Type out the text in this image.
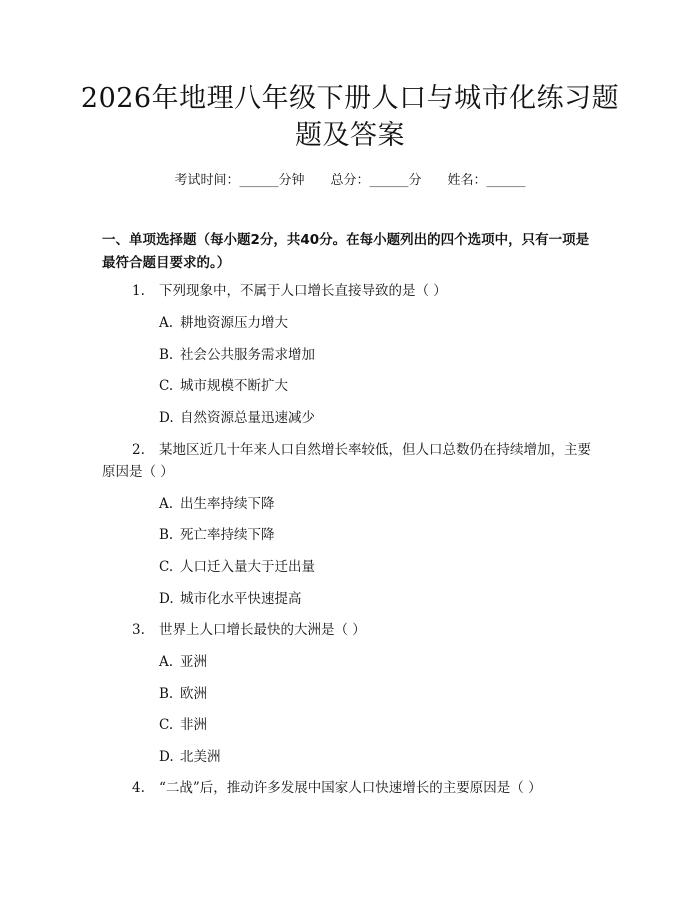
2026年地理八年级下册人口与城市化练习题
题及答案
考试时间：______分钟 总分：______分 姓名：______
一、单项选择题（每小题2分，共40分。在每小题列出的四个选项中，只有一项是最符合题目要求的。）
1. 下列现象中，不属于人口增长直接导致的是（ ）
A. 耕地资源压力增大
B. 社会公共服务需求增加
C. 城市规模不断扩大
D. 自然资源总量迅速减少
2. 某地区近几十年来人口自然增长率较低，但人口总数仍在持续增加，主要
原因是（ ）
A. 出生率持续下降
B. 死亡率持续下降
C. 人口迁入量大于迁出量
D. 城市化水平快速提高
3. 世界上人口增长最快的大洲是（ ）
A. 亚洲
B. 欧洲
C. 非洲
D. 北美洲
4. “二战”后，推动许多发展中国家人口快速增长的主要原因是（ ）
